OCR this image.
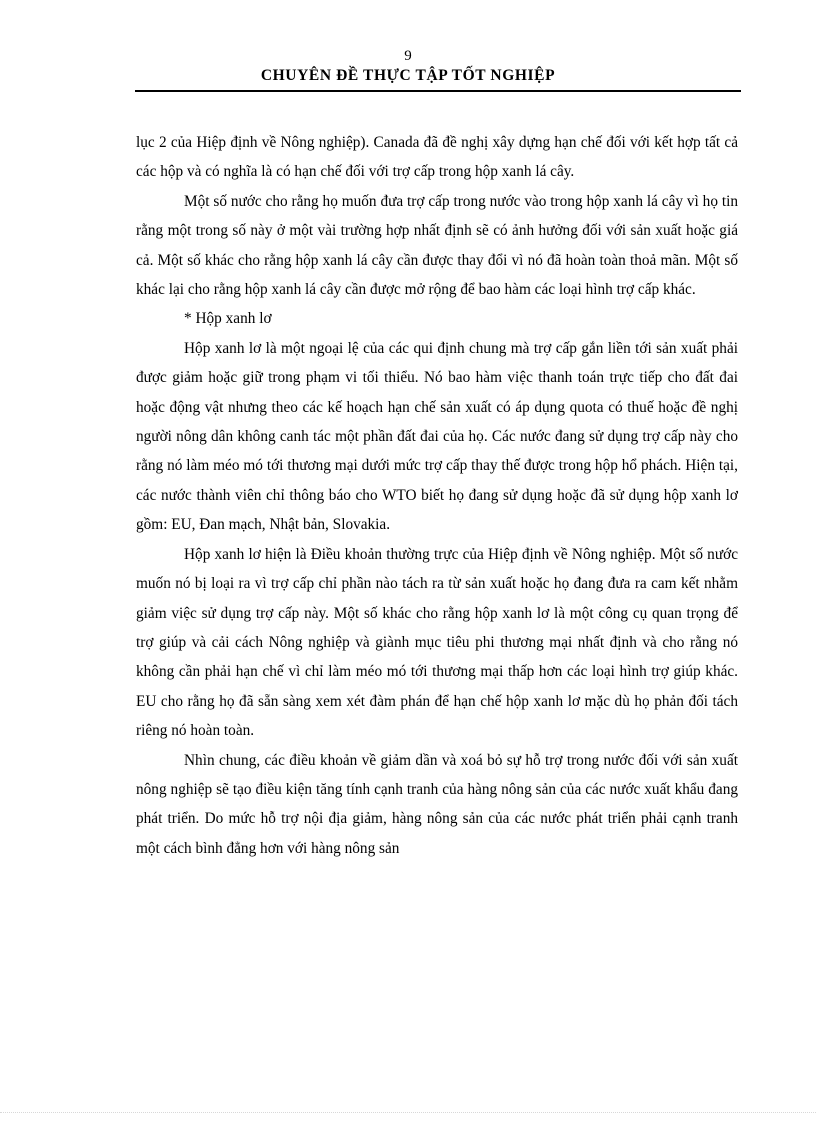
9
CHUYÊN ĐỀ THỰC TẬP TỐT NGHIỆP

lục 2 của Hiệp định về Nông nghiệp). Canada đã đề nghị xây dựng hạn chế đối với kết hợp tất cả các hộp và có nghĩa là có hạn chế đối với trợ cấp trong hộp xanh lá cây.

Một số nước cho rằng họ muốn đưa trợ cấp trong nước vào trong hộp xanh lá cây vì họ tin rằng một trong số này ở một vài trường hợp nhất định sẽ có ảnh hưởng đối với sản xuất hoặc giá cả. Một số khác cho rằng hộp xanh lá cây cần được thay đổi vì nó đã hoàn toàn thoả mãn. Một số khác lại cho rằng hộp xanh lá cây cần được mở rộng để bao hàm các loại hình trợ cấp khác.

* Hộp xanh lơ

Hộp xanh lơ là một ngoại lệ của các qui định chung mà trợ cấp gắn liền tới sản xuất phải được giảm hoặc giữ trong phạm vi tối thiểu. Nó bao hàm việc thanh toán trực tiếp cho đất đai hoặc động vật nhưng theo các kế hoạch hạn chế sản xuất có áp dụng quota có thuế hoặc đề nghị người nông dân không canh tác một phần đất đai của họ. Các nước đang sử dụng trợ cấp này cho rằng nó làm méo mó tới thương mại dưới mức trợ cấp thay thế được trong hộp hổ phách. Hiện tại, các nước thành viên chỉ thông báo cho WTO biết họ đang sử dụng hoặc đã sử dụng hộp xanh lơ gồm: EU, Đan mạch, Nhật bản, Slovakia.

Hộp xanh lơ hiện là Điều khoản thường trực của Hiệp định về Nông nghiệp. Một số nước muốn nó bị loại ra vì trợ cấp chỉ phần nào tách ra từ sản xuất hoặc họ đang đưa ra cam kết nhằm giảm việc sử dụng trợ cấp này. Một số khác cho rằng hộp xanh lơ là một công cụ quan trọng để trợ giúp và cải cách Nông nghiệp và giành mục tiêu phi thương mại nhất định và cho rằng nó không cần phải hạn chế vì chỉ làm méo mó tới thương mại thấp hơn các loại hình trợ giúp khác. EU cho rằng họ đã sẵn sàng xem xét đàm phán để hạn chế hộp xanh lơ mặc dù họ phản đối tách riêng nó hoàn toàn.

Nhìn chung, các điều khoản về giảm dần và xoá bỏ sự hỗ trợ trong nước đối với sản xuất nông nghiệp sẽ tạo điều kiện tăng tính cạnh tranh của hàng nông sản của các nước xuất khẩu đang phát triển. Do mức hỗ trợ nội địa giảm, hàng nông sản của các nước phát triển phải cạnh tranh một cách bình đẳng hơn với hàng nông sản
